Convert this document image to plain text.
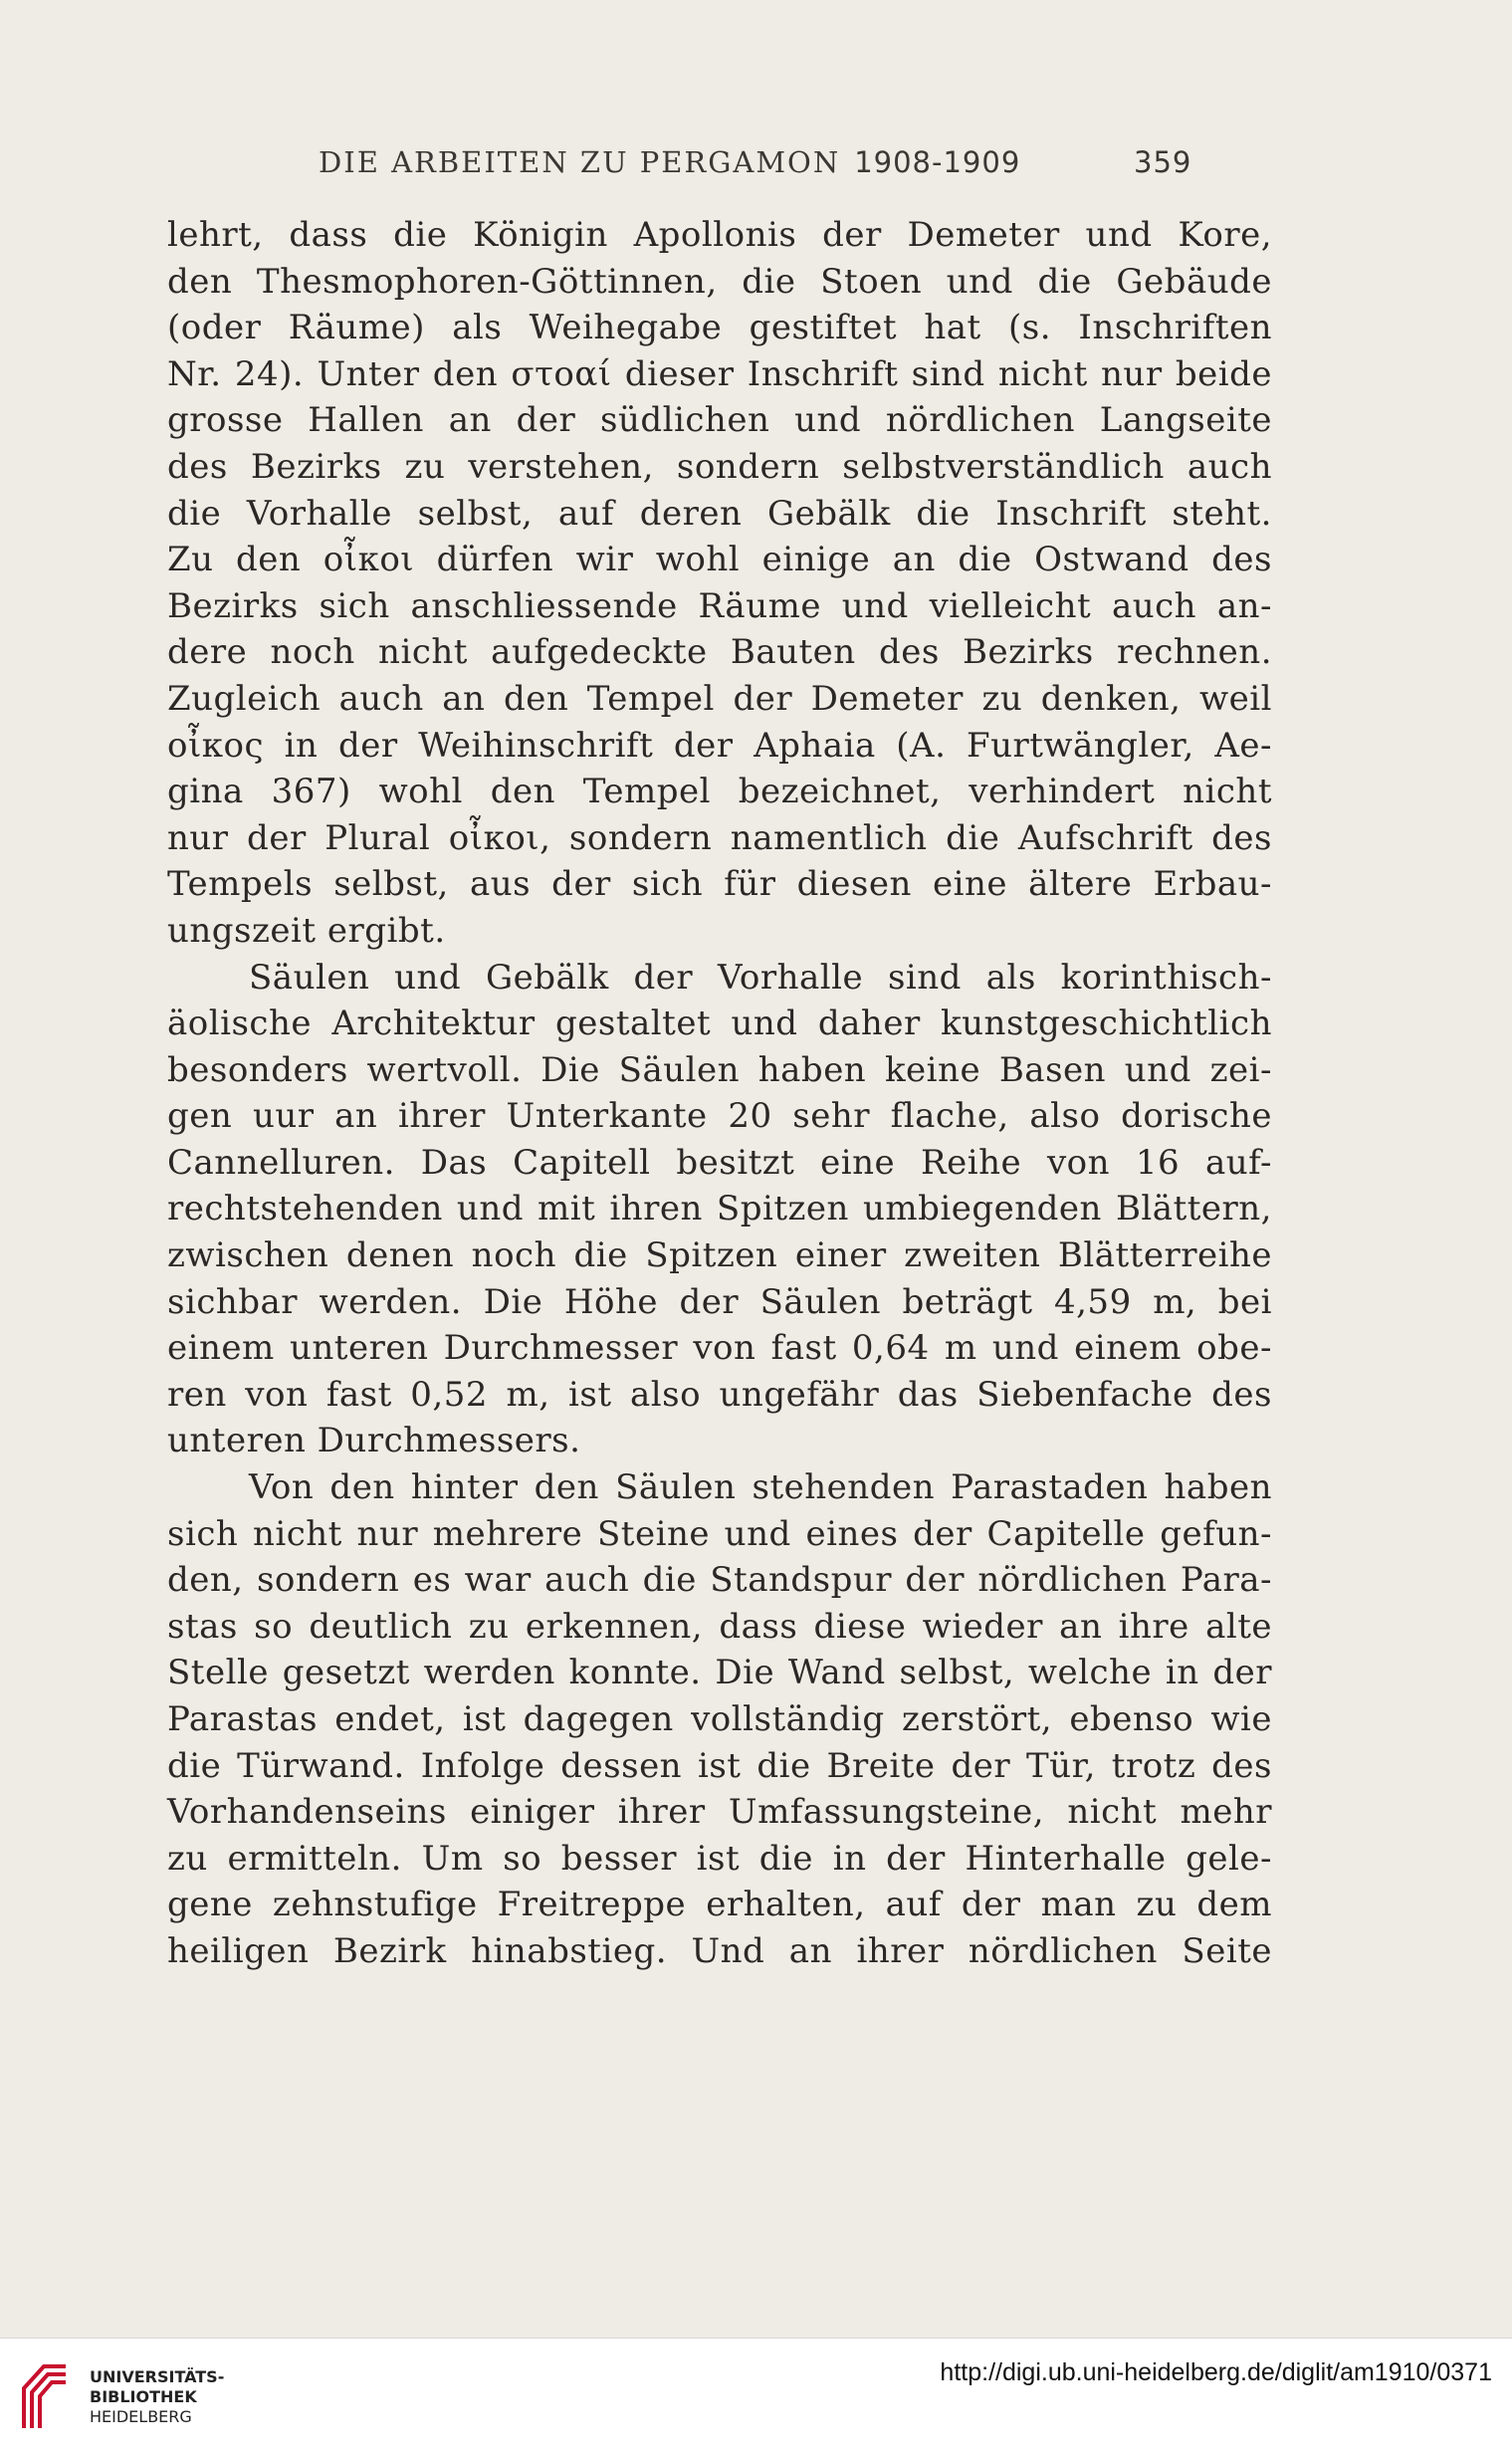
DIE ARBEITEN ZU PERGAMON 1908-1909	359
lehrt, dass die Königin Apollonis der Demeter und Kore,
den Thesmophoren-Göttinnen, die Stoen und die Gebäude
(oder Räume) als Weihegabe gestiftet hat (s. Inschriften
Nr. 24). Unter den στοαί dieser Inschrift sind nicht nur beide
grosse Hallen an der südlichen und nördlichen Langseite
des Bezirks zu verstehen, sondern selbstverständlich auch
die Vorhalle selbst, auf deren Gebälk die Inschrift steht.
Zu den οἶκοι dürfen wir wohl einige an die Ostwand des
Bezirks sich anschliessende Räume und vielleicht auch an-
dere noch nicht aufgedeckte Bauten des Bezirks rechnen.
Zugleich auch an den Tempel der Demeter zu denken, weil
οἶκος in der Weihinschrift der Aphaia (A. Furtwängler, Ae-
gina 367) wohl den Tempel bezeichnet, verhindert nicht
nur der Plural οἶκοι, sondern namentlich die Aufschrift des
Tempels selbst, aus der sich für diesen eine ältere Erbau-
ungszeit ergibt.
Säulen und Gebälk der Vorhalle sind als korinthisch-
äolische Architektur gestaltet und daher kunstgeschichtlich
besonders wertvoll. Die Säulen haben keine Basen und zei-
gen uur an ihrer Unterkante 20 sehr flache, also dorische
Cannelluren. Das Capitell besitzt eine Reihe von 16 auf-
rechtstehenden und mit ihren Spitzen umbiegenden Blättern,
zwischen denen noch die Spitzen einer zweiten Blätterreihe
sichbar werden. Die Höhe der Säulen beträgt 4,59 m, bei
einem unteren Durchmesser von fast 0,64 m und einem obe-
ren von fast 0,52 m, ist also ungefähr das Siebenfache des
unteren Durchmessers.
Von den hinter den Säulen stehenden Parastaden haben
sich nicht nur mehrere Steine und eines der Capitelle gefun-
den, sondern es war auch die Standspur der nördlichen Para-
stas so deutlich zu erkennen, dass diese wieder an ihre alte
Stelle gesetzt werden konnte. Die Wand selbst, welche in der
Parastas endet, ist dagegen vollständig zerstört, ebenso wie
die Türwand. Infolge dessen ist die Breite der Tür, trotz des
Vorhandenseins einiger ihrer Umfassungsteine, nicht mehr
zu ermitteln. Um so besser ist die in der Hinterhalle gele-
gene zehnstufige Freitreppe erhalten, auf der man zu dem
heiligen Bezirk hinabstieg. Und an ihrer nördlichen Seite
UNIVERSITÄTS-
BIBLIOTHEK
HEIDELBERG
http://digi.ub.uni-heidelberg.de/diglit/am1910/0371
